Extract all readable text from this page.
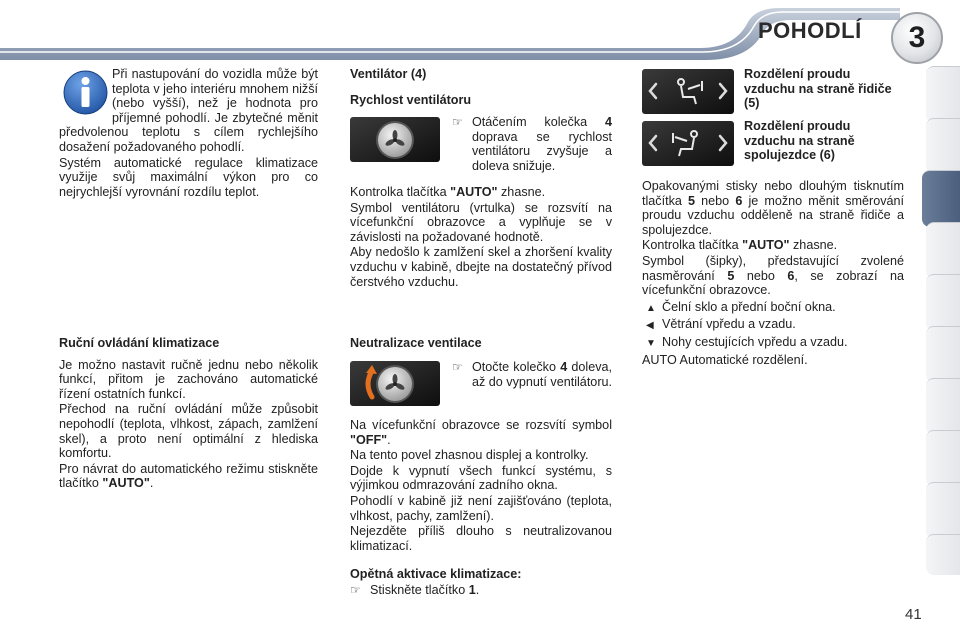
POHODLÍ	3

Při nastupování do vozidla může být teplota v jeho interiéru mnohem nižší (nebo vyšší), než je hodnota pro příjemné pohodlí. Je zbytečné měnit předvolenou teplotu s cílem rychlejšího dosažení požadovaného pohodlí.

Systém automatické regulace klimatizace využije svůj maximální výkon pro co nejrychlejší vyrovnání rozdílu teplot.

Ruční ovládání klimatizace

Je možno nastavit ručně jednu nebo několik funkcí, přitom je zachováno automatické řízení ostatních funkcí.

Přechod na ruční ovládání může způsobit nepohodlí (teplota, vlhkost, zápach, zamlžení skel), a proto není optimální z hlediska komfortu.

Pro návrat do automatického režimu stiskněte tlačítko "AUTO".

Ventilátor (4)

Rychlost ventilátoru

☞ Otáčením kolečka 4 doprava se rychlost ventilátoru zvyšuje a doleva snižuje.

Kontrolka tlačítka "AUTO" zhasne.

Symbol ventilátoru (vrtulka) se rozsvítí na vícefunkční obrazovce a vyplňuje se v závislosti na požadované hodnotě.

Aby nedošlo k zamlžení skel a zhoršení kvality vzduchu v kabině, dbejte na dostatečný přívod čerstvého vzduchu.

Neutralizace ventilace

☞ Otočte kolečko 4 doleva, až do vypnutí ventilátoru.

Na vícefunkční obrazovce se rozsvítí symbol "OFF".

Na tento povel zhasnou displej a kontrolky.

Dojde k vypnutí všech funkcí systému, s výjimkou odmrazování zadního okna.

Pohodlí v kabině již není zajišťováno (teplota, vlhkost, pachy, zamlžení).

Nejezděte příliš dlouho s neutralizovanou klimatizací.

Opětná aktivace klimatizace:

☞ Stiskněte tlačítko 1.

Rozdělení proudu vzduchu na straně řidiče (5)

Rozdělení proudu vzduchu na straně spolujezdce (6)

Opakovanými stisky nebo dlouhým tisknutím tlačítka 5 nebo 6 je možno měnit směrování proudu vzduchu odděleně na straně řidiče a spolujezdce.

Kontrolka tlačítka "AUTO" zhasne.

Symbol (šipky), představující zvolené nasměrování 5 nebo 6, se zobrazí na vícefunkční obrazovce.

▲ Čelní sklo a přední boční okna.

◀ Větrání vpředu a vzadu.

▼ Nohy cestujících vpředu a vzadu.

AUTO Automatické rozdělení.

41
